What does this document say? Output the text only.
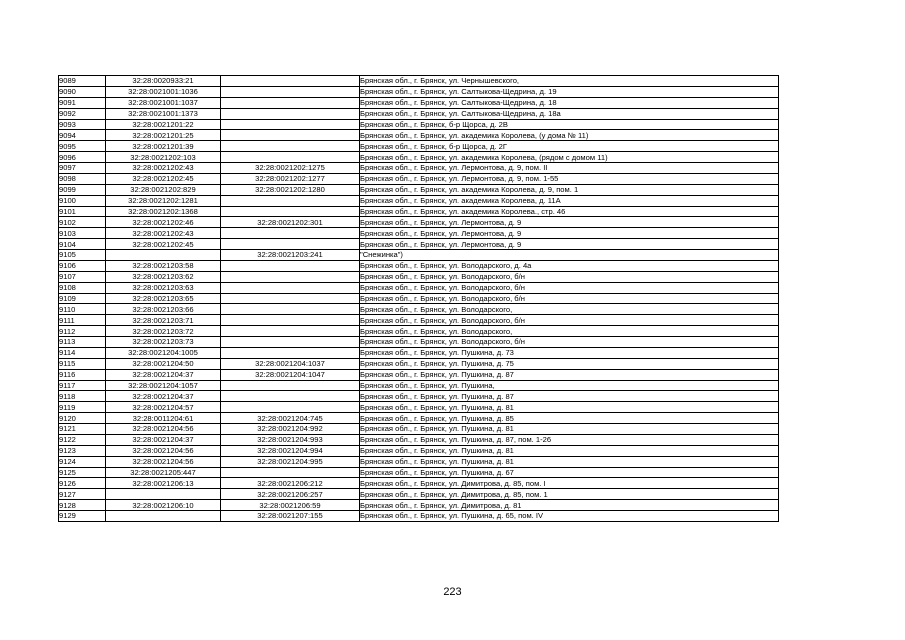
9089	32:28:0020933:21		Брянская обл., г. Брянск, ул. Чернышевского,
9090	32:28:0021001:1036		Брянская обл., г. Брянск, ул. Салтыкова-Щедрина, д. 19
9091	32:28:0021001:1037		Брянская обл., г. Брянск, ул. Салтыкова-Щедрина, д. 18
9092	32:28:0021001:1373		Брянская обл., г. Брянск, ул. Салтыкова-Щедрина, д. 18а
9093	32:28:0021201:22		Брянская обл., г. Брянск, б-р Щорса, д. 2В
9094	32:28:0021201:25		Брянская обл., г. Брянск, ул. академика Королева, (у дома № 11)
9095	32:28:0021201:39		Брянская обл., г. Брянск, б-р Щорса, д. 2Г
9096	32:28:0021202:103		Брянская обл., г. Брянск, ул. академика Королева, (рядом с домом 11)
9097	32:28:0021202:43	32:28:0021202:1275	Брянская обл., г. Брянск, ул. Лермонтова, д. 9, пом. II
9098	32:28:0021202:45	32:28:0021202:1277	Брянская обл., г. Брянск, ул. Лермонтова, д. 9, пом. 1-55
9099	32:28:0021202:829	32:28:0021202:1280	Брянская обл., г. Брянск, ул. академика Королева, д. 9, пом. 1
9100	32:28:0021202:1281		Брянская обл., г. Брянск, ул. академика Королева, д. 11А
9101	32:28:0021202:1368		Брянская обл., г. Брянск, ул. академика Королева., стр. 46
9102	32:28:0021202:46	32:28:0021202:301	Брянская обл., г. Брянск, ул. Лермонтова, д. 9
9103	32:28:0021202:43		Брянская обл., г. Брянск, ул. Лермонтова, д. 9
9104	32:28:0021202:45		Брянская обл., г. Брянск, ул. Лермонтова, д. 9
9105		32:28:0021203:241	"Снежинка")
9106	32:28:0021203:58		Брянская обл., г. Брянск, ул. Володарского, д. 4а
9107	32:28:0021203:62		Брянская обл., г. Брянск, ул. Володарского, б/н
9108	32:28:0021203:63		Брянская обл., г. Брянск, ул. Володарского, б/н
9109	32:28:0021203:65		Брянская обл., г. Брянск, ул. Володарского, б/н
9110	32:28:0021203:66		Брянская обл., г. Брянск, ул. Володарского,
9111	32:28:0021203:71		Брянская обл., г. Брянск, ул. Володарского, б/н
9112	32:28:0021203:72		Брянская обл., г. Брянск, ул. Володарского,
9113	32:28:0021203:73		Брянская обл., г. Брянск, ул. Володарского, б/н
9114	32:28:0021204:1005		Брянская обл., г. Брянск, ул. Пушкина, д. 73
9115	32:28:0021204:50	32:28:0021204:1037	Брянская обл., г. Брянск, ул. Пушкина, д. 75
9116	32:28:0021204:37	32:28:0021204:1047	Брянская обл., г. Брянск, ул. Пушкина, д. 87
9117	32:28:0021204:1057		Брянская обл., г. Брянск, ул. Пушкина,
9118	32:28:0021204:37		Брянская обл., г. Брянск, ул. Пушкина, д. 87
9119	32:28:0021204:57		Брянская обл., г. Брянск, ул. Пушкина, д. 81
9120	32:28:0011204:61	32:28:0021204:745	Брянская обл., г. Брянск, ул. Пушкина, д. 85
9121	32:28:0021204:56	32:28:0021204:992	Брянская обл., г. Брянск, ул. Пушкина, д. 81
9122	32:28:0021204:37	32:28:0021204:993	Брянская обл., г. Брянск, ул. Пушкина, д. 87, пом. 1-26
9123	32:28:0021204:56	32:28:0021204:994	Брянская обл., г. Брянск, ул. Пушкина, д. 81
9124	32:28:0021204:56	32:28:0021204:995	Брянская обл., г. Брянск, ул. Пушкина, д. 81
9125	32:28:0021205:447		Брянская обл., г. Брянск, ул. Пушкина, д. 67
9126	32:28:0021206:13	32:28:0021206:212	Брянская обл., г. Брянск, ул. Димитрова, д. 85, пом. I
9127		32:28:0021206:257	Брянская обл., г. Брянск, ул. Димитрова, д. 85, пом. 1
9128	32:28:0021206:10	32:28:0021206:59	Брянская обл., г. Брянск, ул. Димитрова, д. 81
9129		32:28:0021207:155	Брянская обл., г. Брянск, ул. Пушкина, д. 65, пом. IV
223
